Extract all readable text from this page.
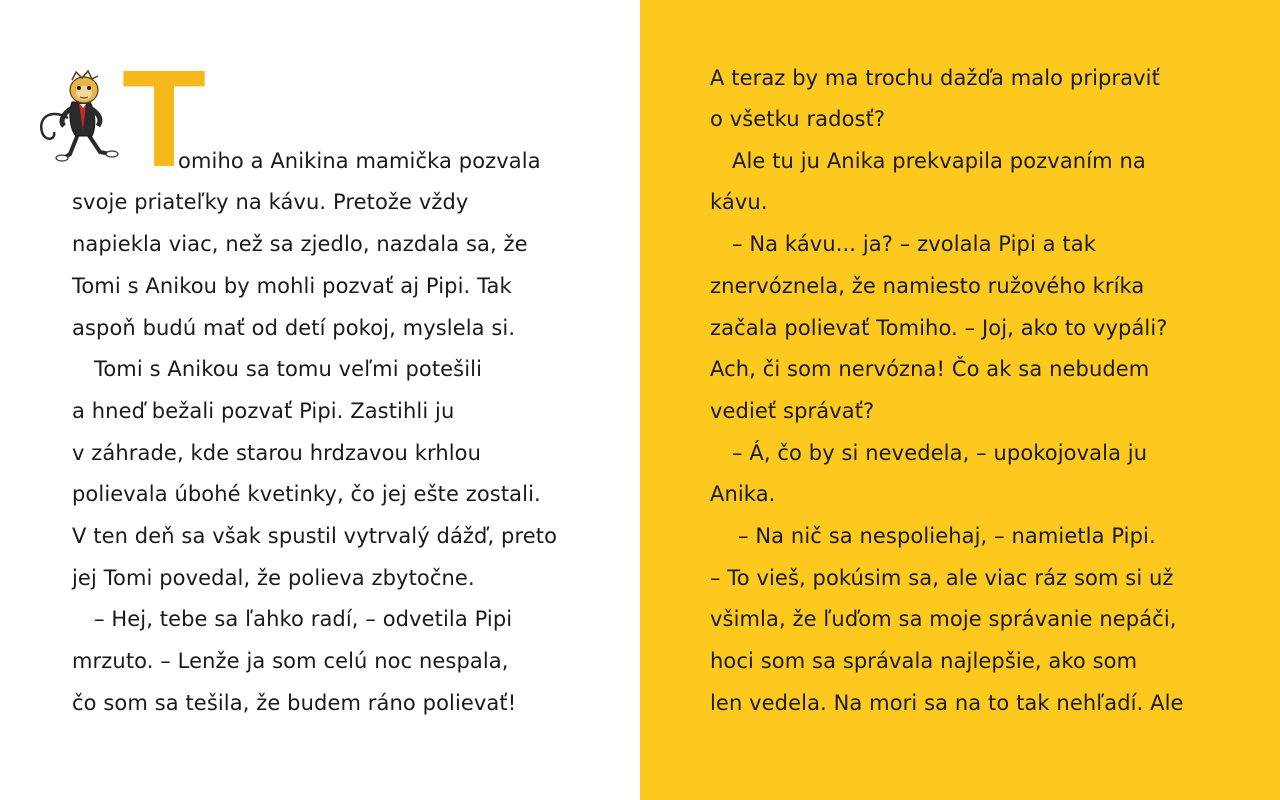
T
omiho a Anikina mamička pozvala
svoje priateľky na kávu. Pretože vždy
napiekla viac, než sa zjedlo, nazdala sa, že
Tomi s Anikou by mohli pozvať aj Pipi. Tak
aspoň budú mať od detí pokoj, myslela si.
Tomi s Anikou sa tomu veľmi potešili
a hneď bežali pozvať Pipi. Zastihli ju
v záhrade, kde starou hrdzavou krhlou
polievala úbohé kvetinky, čo jej ešte zostali.
V ten deň sa však spustil vytrvalý dážď, preto
jej Tomi povedal, že polieva zbytočne.
– Hej, tebe sa ľahko radí, – odvetila Pipi
mrzuto. – Lenže ja som celú noc nespala,
čo som sa tešila, že budem ráno polievať!
A teraz by ma trochu dažďa malo pripraviť
o všetku radosť?
Ale tu ju Anika prekvapila pozvaním na
kávu.
– Na kávu... ja? – zvolala Pipi a tak
znervóznela, že namiesto ružového kríka
začala polievať Tomiho. – Joj, ako to vypáli?
Ach, či som nervózna! Čo ak sa nebudem
vedieť správať?
– Á, čo by si nevedela, – upokojovala ju
Anika.
– Na nič sa nespoliehaj, – namietla Pipi.
– To vieš, pokúsim sa, ale viac ráz som si už
všimla, že ľuďom sa moje správanie nepáči,
hoci som sa správala najlepšie, ako som
len vedela. Na mori sa na to tak nehľadí. Ale
